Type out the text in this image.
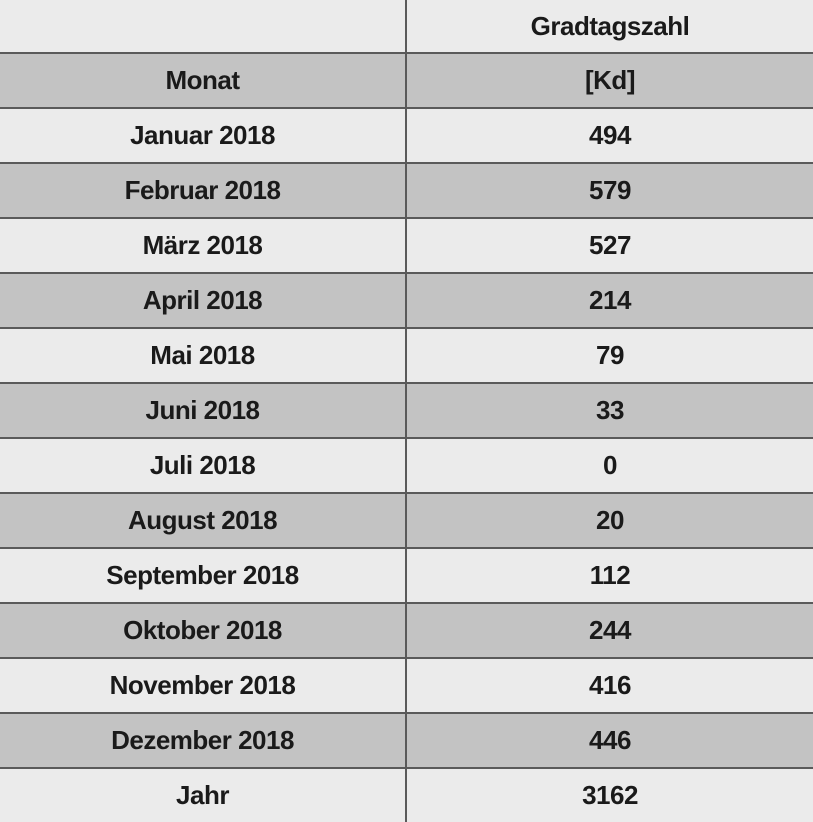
	Gradtagszahl
Monat	[Kd]
Januar 2018	494
Februar 2018	579
März 2018	527
April 2018	214
Mai 2018	79
Juni 2018	33
Juli 2018	0
August 2018	20
September 2018	112
Oktober 2018	244
November 2018	416
Dezember 2018	446
Jahr	3162
